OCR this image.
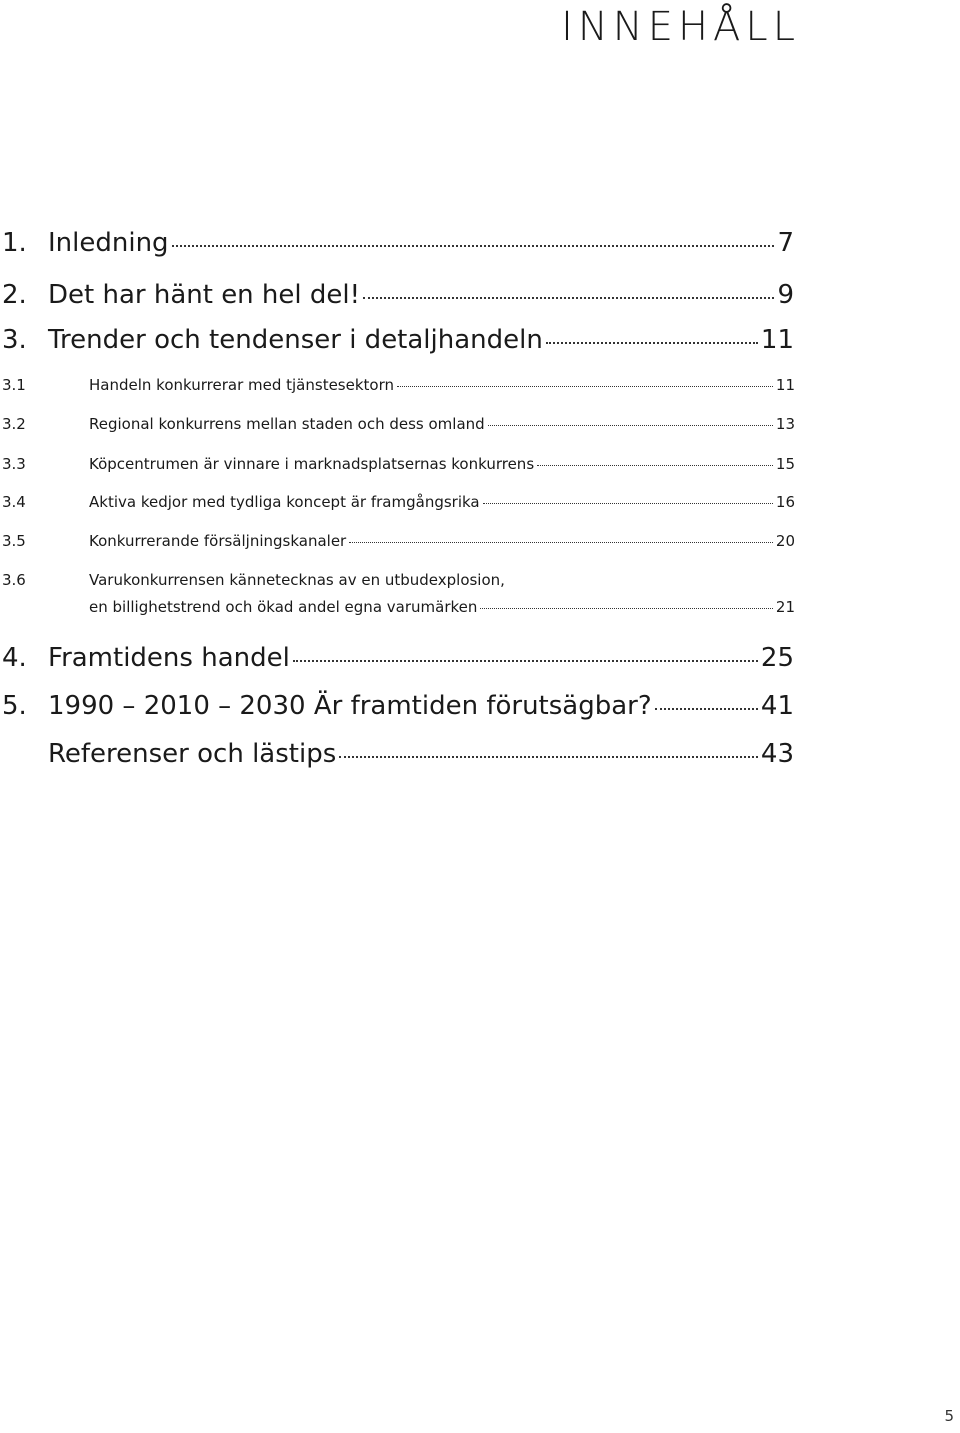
INNEHÅLL
1. Inledning	7
2. Det har hänt en hel del!	9
3. Trender och tendenser i detaljhandeln	11
3.1	Handeln konkurrerar med tjänstesektorn	11
3.2	Regional konkurrens mellan staden och dess omland	13
3.3	Köpcentrumen är vinnare i marknadsplatsernas konkurrens	15
3.4	Aktiva kedjor med tydliga koncept är framgångsrika	16
3.5	Konkurrerande försäljningskanaler	20
3.6	Varukonkurrensen kännetecknas av en utbudexplosion,
en billighetstrend och ökad andel egna varumärken	21
4. Framtidens handel	25
5. 1990 – 2010 – 2030 Är framtiden förutsägbar?	41
Referenser och lästips	43
5
